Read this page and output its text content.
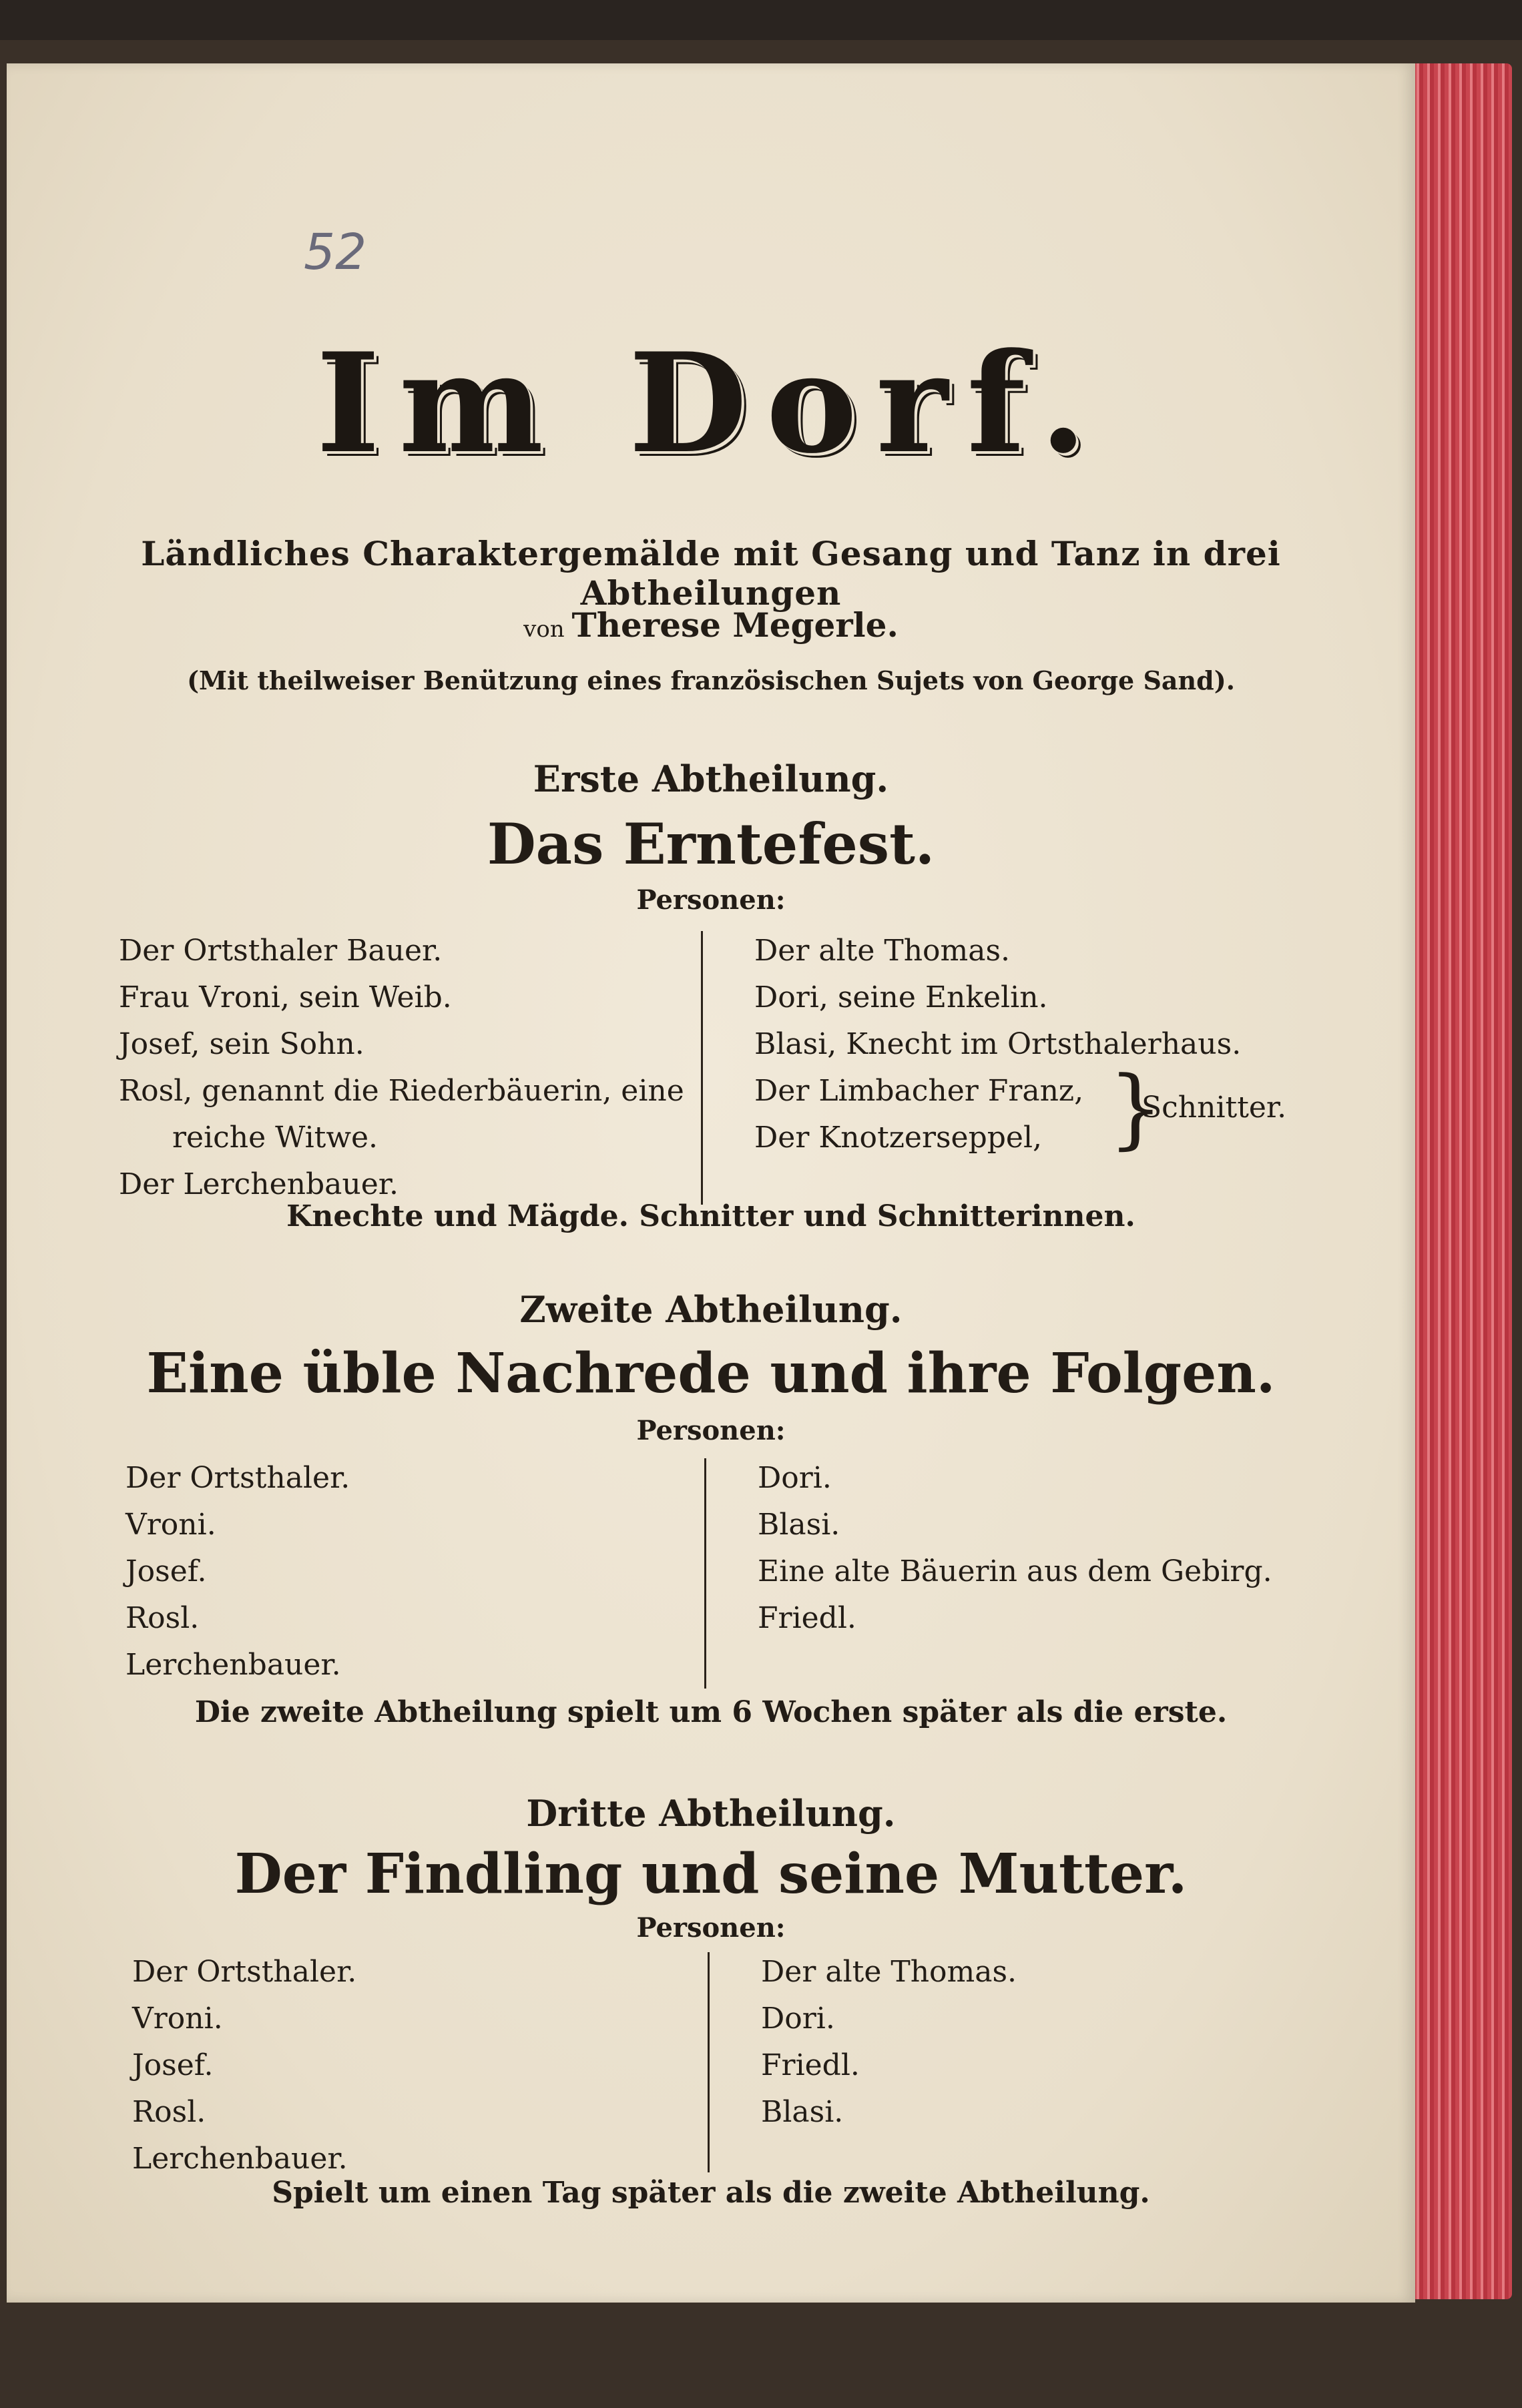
52
Im Dorf.
Ländliches Charaktergemälde mit Gesang und Tanz in drei Abtheilungen
von Therese Megerle.
(Mit theilweiser Benützung eines französischen Sujets von George Sand).
Erste Abtheilung.
Das Erntefest.
Personen:
Der Ortsthaler Bauer.
Frau Vroni, sein Weib.
Josef, sein Sohn.
Rosl, genannt die Riederbäuerin, eine
reiche Witwe.
Der Lerchenbauer.
Der alte Thomas.
Dori, seine Enkelin.
Blasi, Knecht im Ortsthalerhaus.
Der Limbacher Franz,
Der Knotzerseppel, }
Schnitter.
Knechte und Mägde. Schnitter und Schnitterinnen.
Zweite Abtheilung.
Eine üble Nachrede und ihre Folgen.
Personen:
Der Ortsthaler.
Vroni.
Josef.
Rosl.
Lerchenbauer.
Dori.
Blasi.
Eine alte Bäuerin aus dem Gebirg.
Friedl.
Die zweite Abtheilung spielt um 6 Wochen später als die erste.
Dritte Abtheilung.
Der Findling und seine Mutter.
Personen:
Der Ortsthaler.
Vroni.
Josef.
Rosl.
Lerchenbauer.
Der alte Thomas.
Dori.
Friedl.
Blasi.
Spielt um einen Tag später als die zweite Abtheilung.
